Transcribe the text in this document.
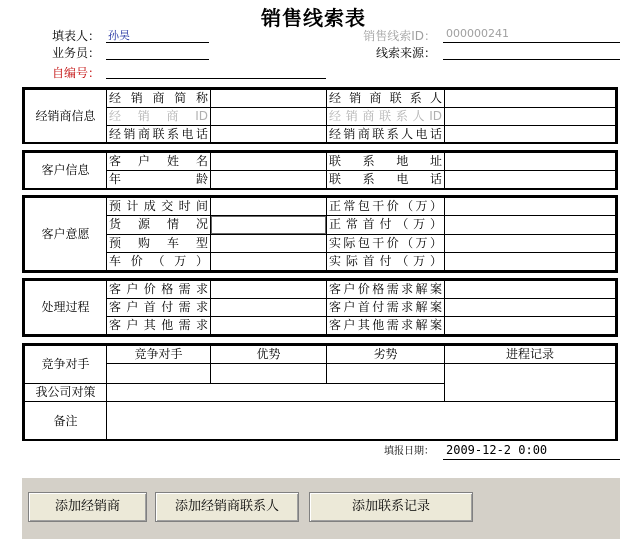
销售线索表
填表人： 孙昊
业务员：
自编号：
销售线索ID： 000000241
线索来源：
经销商信息	经销商简称		经销商联系人	
	经销商ID		经销商联系人ID	
	经销商联系电话		经销商联系人电话	
客户信息	客户姓名		联系地址	
	年龄		联系电话	
客户意愿	预计成交时间		正常包干价（万）	
	货源情况		正常首付（万）	
	预购车型		实际包干价（万）	
	车价（万）		实际首付（万）	
处理过程	客户价格需求		客户价格需求解案	
	客户首付需求		客户首付需求解案	
	客户其他需求		客户其他需求解案	
竞争对手	竞争对手	优势	劣势	进程记录

我公司对策				
备注				
填报日期： 2009-12-2 0:00
添加经销商	添加经销商联系人	添加联系记录
